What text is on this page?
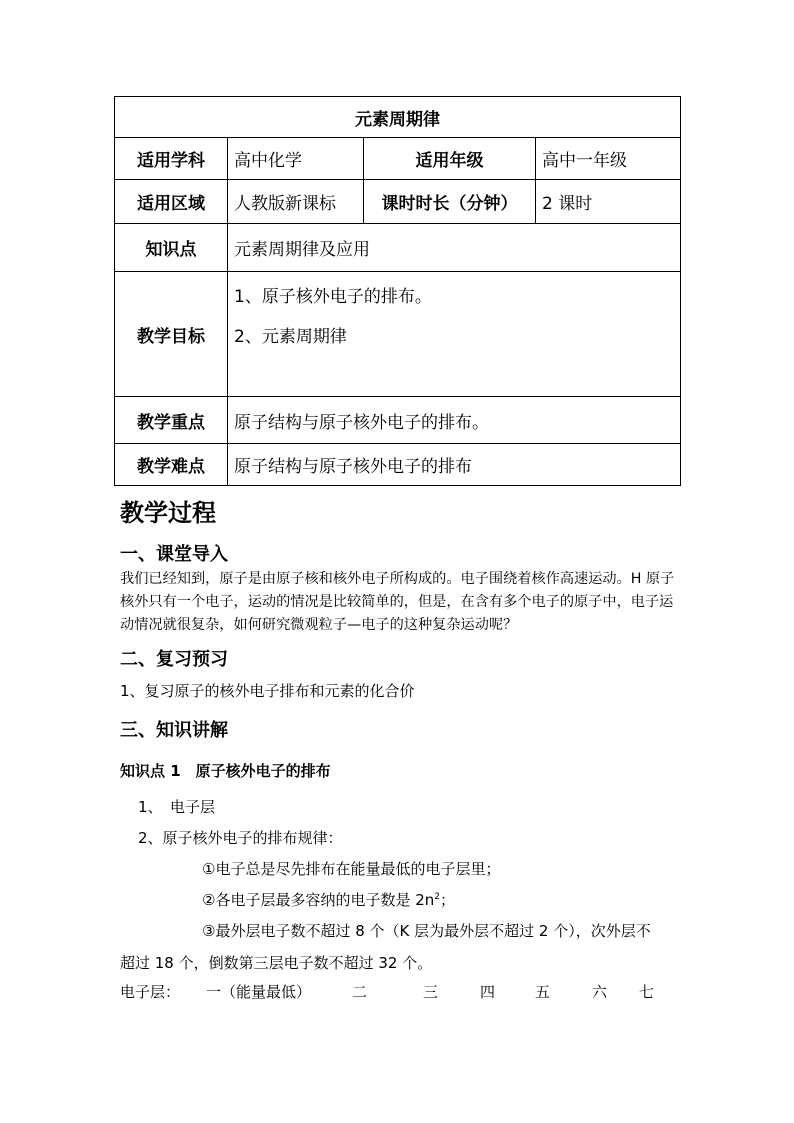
元素周期律			
适用学科	高中化学	适用年级	高中一年级
适用区域	人教版新课标	课时时长（分钟）	2 课时
知识点	元素周期律及应用		
教学目标	1、原子核外电子的排布。
2、元素周期律		

教学重点	原子结构与原子核外电子的排布。		
教学难点	原子结构与原子核外电子的排布		
教学过程
一、课堂导入
我们已经知到，原子是由原子核和核外电子所构成的。电子围绕着核作高速运动。H 原子核外只有一个电子，运动的情况是比较简单的，但是，在含有多个电子的原子中，电子运动情况就很复杂，如何研究微观粒子—电子的这种复杂运动呢？
二、复习预习
1、复习原子的核外电子排布和元素的化合价
三、知识讲解
知识点 1　原子核外电子的排布
1、　电子层
2、原子核外电子的排布规律：
①电子总是尽先排布在能量最低的电子层里；
②各电子层最多容纳的电子数是 $2n^2$；
③最外层电子数不超过 8 个（K 层为最外层不超过 2 个），次外层不
超过 18 个，倒数第三层电子数不超过 32 个。
电子层： 一（能量最低）	二	三	四	五	六 七
